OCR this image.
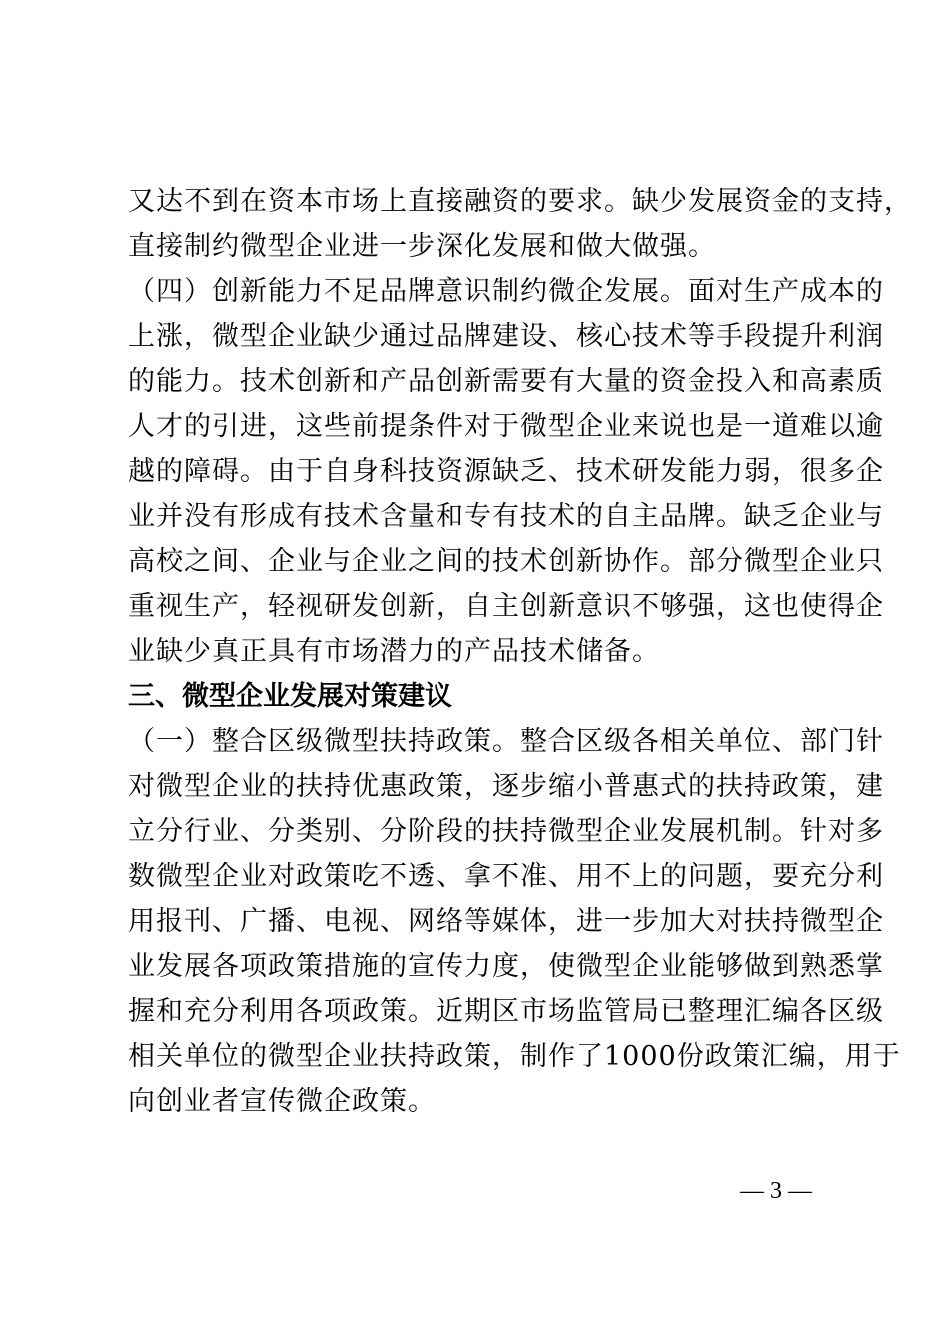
又达不到在资本市场上直接融资的要求。缺少发展资金的支持，
直接制约微型企业进一步深化发展和做大做强。
（四）创新能力不足品牌意识制约微企发展。面对生产成本的
上涨，微型企业缺少通过品牌建设、核心技术等手段提升利润
的能力。技术创新和产品创新需要有大量的资金投入和高素质
人才的引进，这些前提条件对于微型企业来说也是一道难以逾
越的障碍。由于自身科技资源缺乏、技术研发能力弱，很多企
业并没有形成有技术含量和专有技术的自主品牌。缺乏企业与
高校之间、企业与企业之间的技术创新协作。部分微型企业只
重视生产，轻视研发创新，自主创新意识不够强，这也使得企
业缺少真正具有市场潜力的产品技术储备。
三、微型企业发展对策建议
（一）整合区级微型扶持政策。整合区级各相关单位、部门针
对微型企业的扶持优惠政策，逐步缩小普惠式的扶持政策，建
立分行业、分类别、分阶段的扶持微型企业发展机制。针对多
数微型企业对政策吃不透、拿不准、用不上的问题，要充分利
用报刊、广播、电视、网络等媒体，进一步加大对扶持微型企
业发展各项政策措施的宣传力度，使微型企业能够做到熟悉掌
握和充分利用各项政策。近期区市场监管局已整理汇编各区级
相关单位的微型企业扶持政策，制作了1000份政策汇编，用于
向创业者宣传微企政策。
— 3 —
